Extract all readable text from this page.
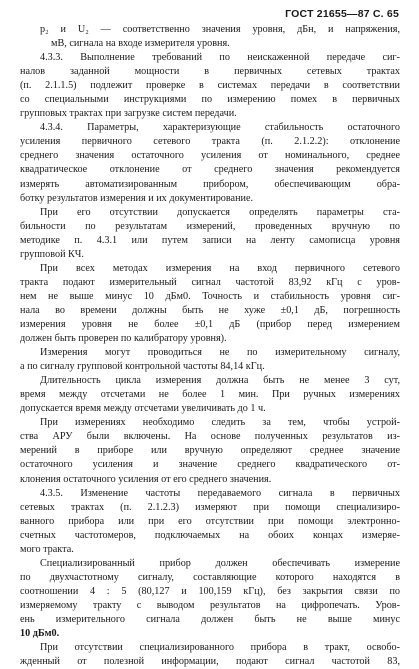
ГОСТ 21655—87 С. 65
p₂ и U₂ — соответственно значения уровня, дБн, и напряжения,
мВ, сигнала на входе измерителя уровня.
4.3.3. Выполнение требований по неискаженной передаче сиг-
налов заданной мощности в первичных сетевых трактах
(п. 2.1.1.5) подлежит проверке в системах передачи в соответствии
со специальными инструкциями по измерению помех в первичных
групповых трактах при загрузке систем передачи.
4.3.4. Параметры, характеризующие стабильность остаточного
усиления первичного сетевого тракта (п. 2.1.2.2): отклонение
среднего значения остаточного усиления от номинального, среднее
квадратическое отклонение от среднего значения рекомендуется
измерять автоматизированным прибором, обеспечивающим обра-
ботку результатов измерения и их документирование.
При его отсутствии допускается определять параметры ста-
бильности по результатам измерений, проведенных вручную по
методике п. 4.3.1 или путем записи на ленту самописца уровня
групповой КЧ.
При всех методах измерения на вход первичного сетевого
тракта подают измерительный сигнал частотой 83,92 кГц с уров-
нем не выше минус 10 дБм0. Точность и стабильность уровня сиг-
нала во времени должны быть не хуже ±0,1 дБ, погрешность
измерения уровня не более ±0,1 дБ (прибор перед измерением
должен быть проверен по калибратору уровня).
Измерения могут проводиться не по измерительному сигналу,
а по сигналу групповой контрольной частоты 84,14 кГц.
Длительность цикла измерения должна быть не менее 3 сут,
время между отсчетами не более 1 мин. При ручных измерениях
допускается время между отсчетами увеличивать до 1 ч.
При измерениях необходимо следить за тем, чтобы устрой-
ства АРУ были включены. На основе полученных результатов из-
мерений в приборе или вручную определяют среднее значение
остаточного усиления и значение среднего квадратического от-
клонения остаточного усиления от его среднего значения.
4.3.5. Изменение частоты передаваемого сигнала в первичных
сетевых трактах (п. 2.1.2.3) измеряют при помощи специализиро-
ванного прибора или при его отсутствии при помощи электронно-
счетных частотомеров, подключаемых на обоих концах измеряе-
мого тракта.
Специализированный прибор должен обеспечивать измерение
по двухчастотному сигналу, составляющие которого находятся в
соотношении 4 : 5 (80,127 и 100,159 кГц), без закрытия связи по
измеряемому тракту с выводом результатов на цифропечать. Уров-
ень измерительного сигнала должен быть не выше минус
10 дБм0.
При отсутствии специализированного прибора в тракт, освобо-
жденный от полезной информации, подают сигнал частотой 83,
